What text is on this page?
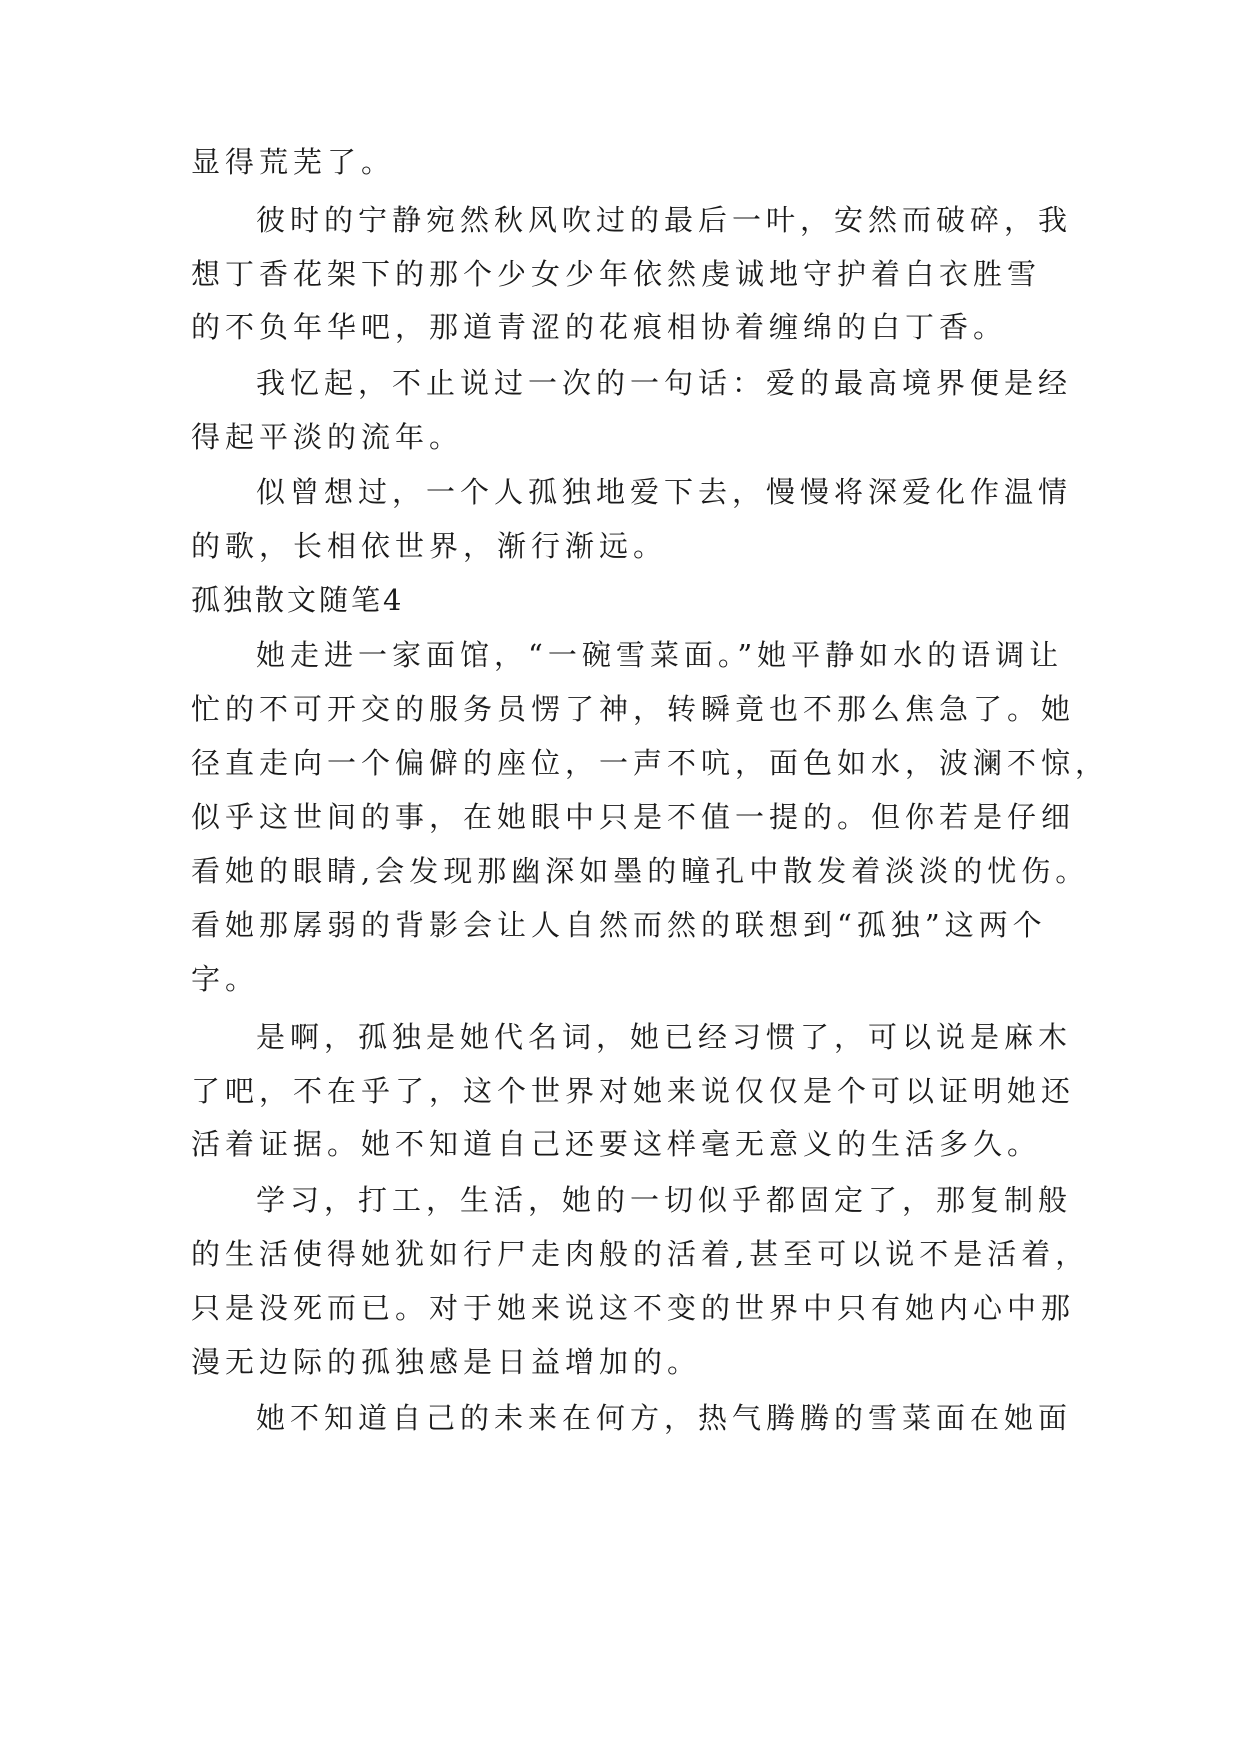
显得荒芜了。
彼时的宁静宛然秋风吹过的最后一叶，安然而破碎，我
想丁香花架下的那个少女少年依然虔诚地守护着白衣胜雪
的不负年华吧，那道青涩的花痕相协着缠绵的白丁香。
我忆起，不止说过一次的一句话：爱的最高境界便是经
得起平淡的流年。
似曾想过，一个人孤独地爱下去，慢慢将深爱化作温情
的歌，长相依世界，渐行渐远。
孤独散文随笔4
她走进一家面馆，“一碗雪菜面。”她平静如水的语调让
忙的不可开交的服务员愣了神，转瞬竟也不那么焦急了。她
径直走向一个偏僻的座位，一声不吭，面色如水，波澜不惊，
似乎这世间的事，在她眼中只是不值一提的。但你若是仔细
看她的眼睛,会发现那幽深如墨的瞳孔中散发着淡淡的忧伤。
看她那孱弱的背影会让人自然而然的联想到“孤独”这两个
字。
是啊，孤独是她代名词，她已经习惯了，可以说是麻木
了吧，不在乎了，这个世界对她来说仅仅是个可以证明她还
活着证据。她不知道自己还要这样毫无意义的生活多久。
学习，打工，生活，她的一切似乎都固定了，那复制般
的生活使得她犹如行尸走肉般的活着,甚至可以说不是活着，
只是没死而已。对于她来说这不变的世界中只有她内心中那
漫无边际的孤独感是日益增加的。
她不知道自己的未来在何方，热气腾腾的雪菜面在她面
